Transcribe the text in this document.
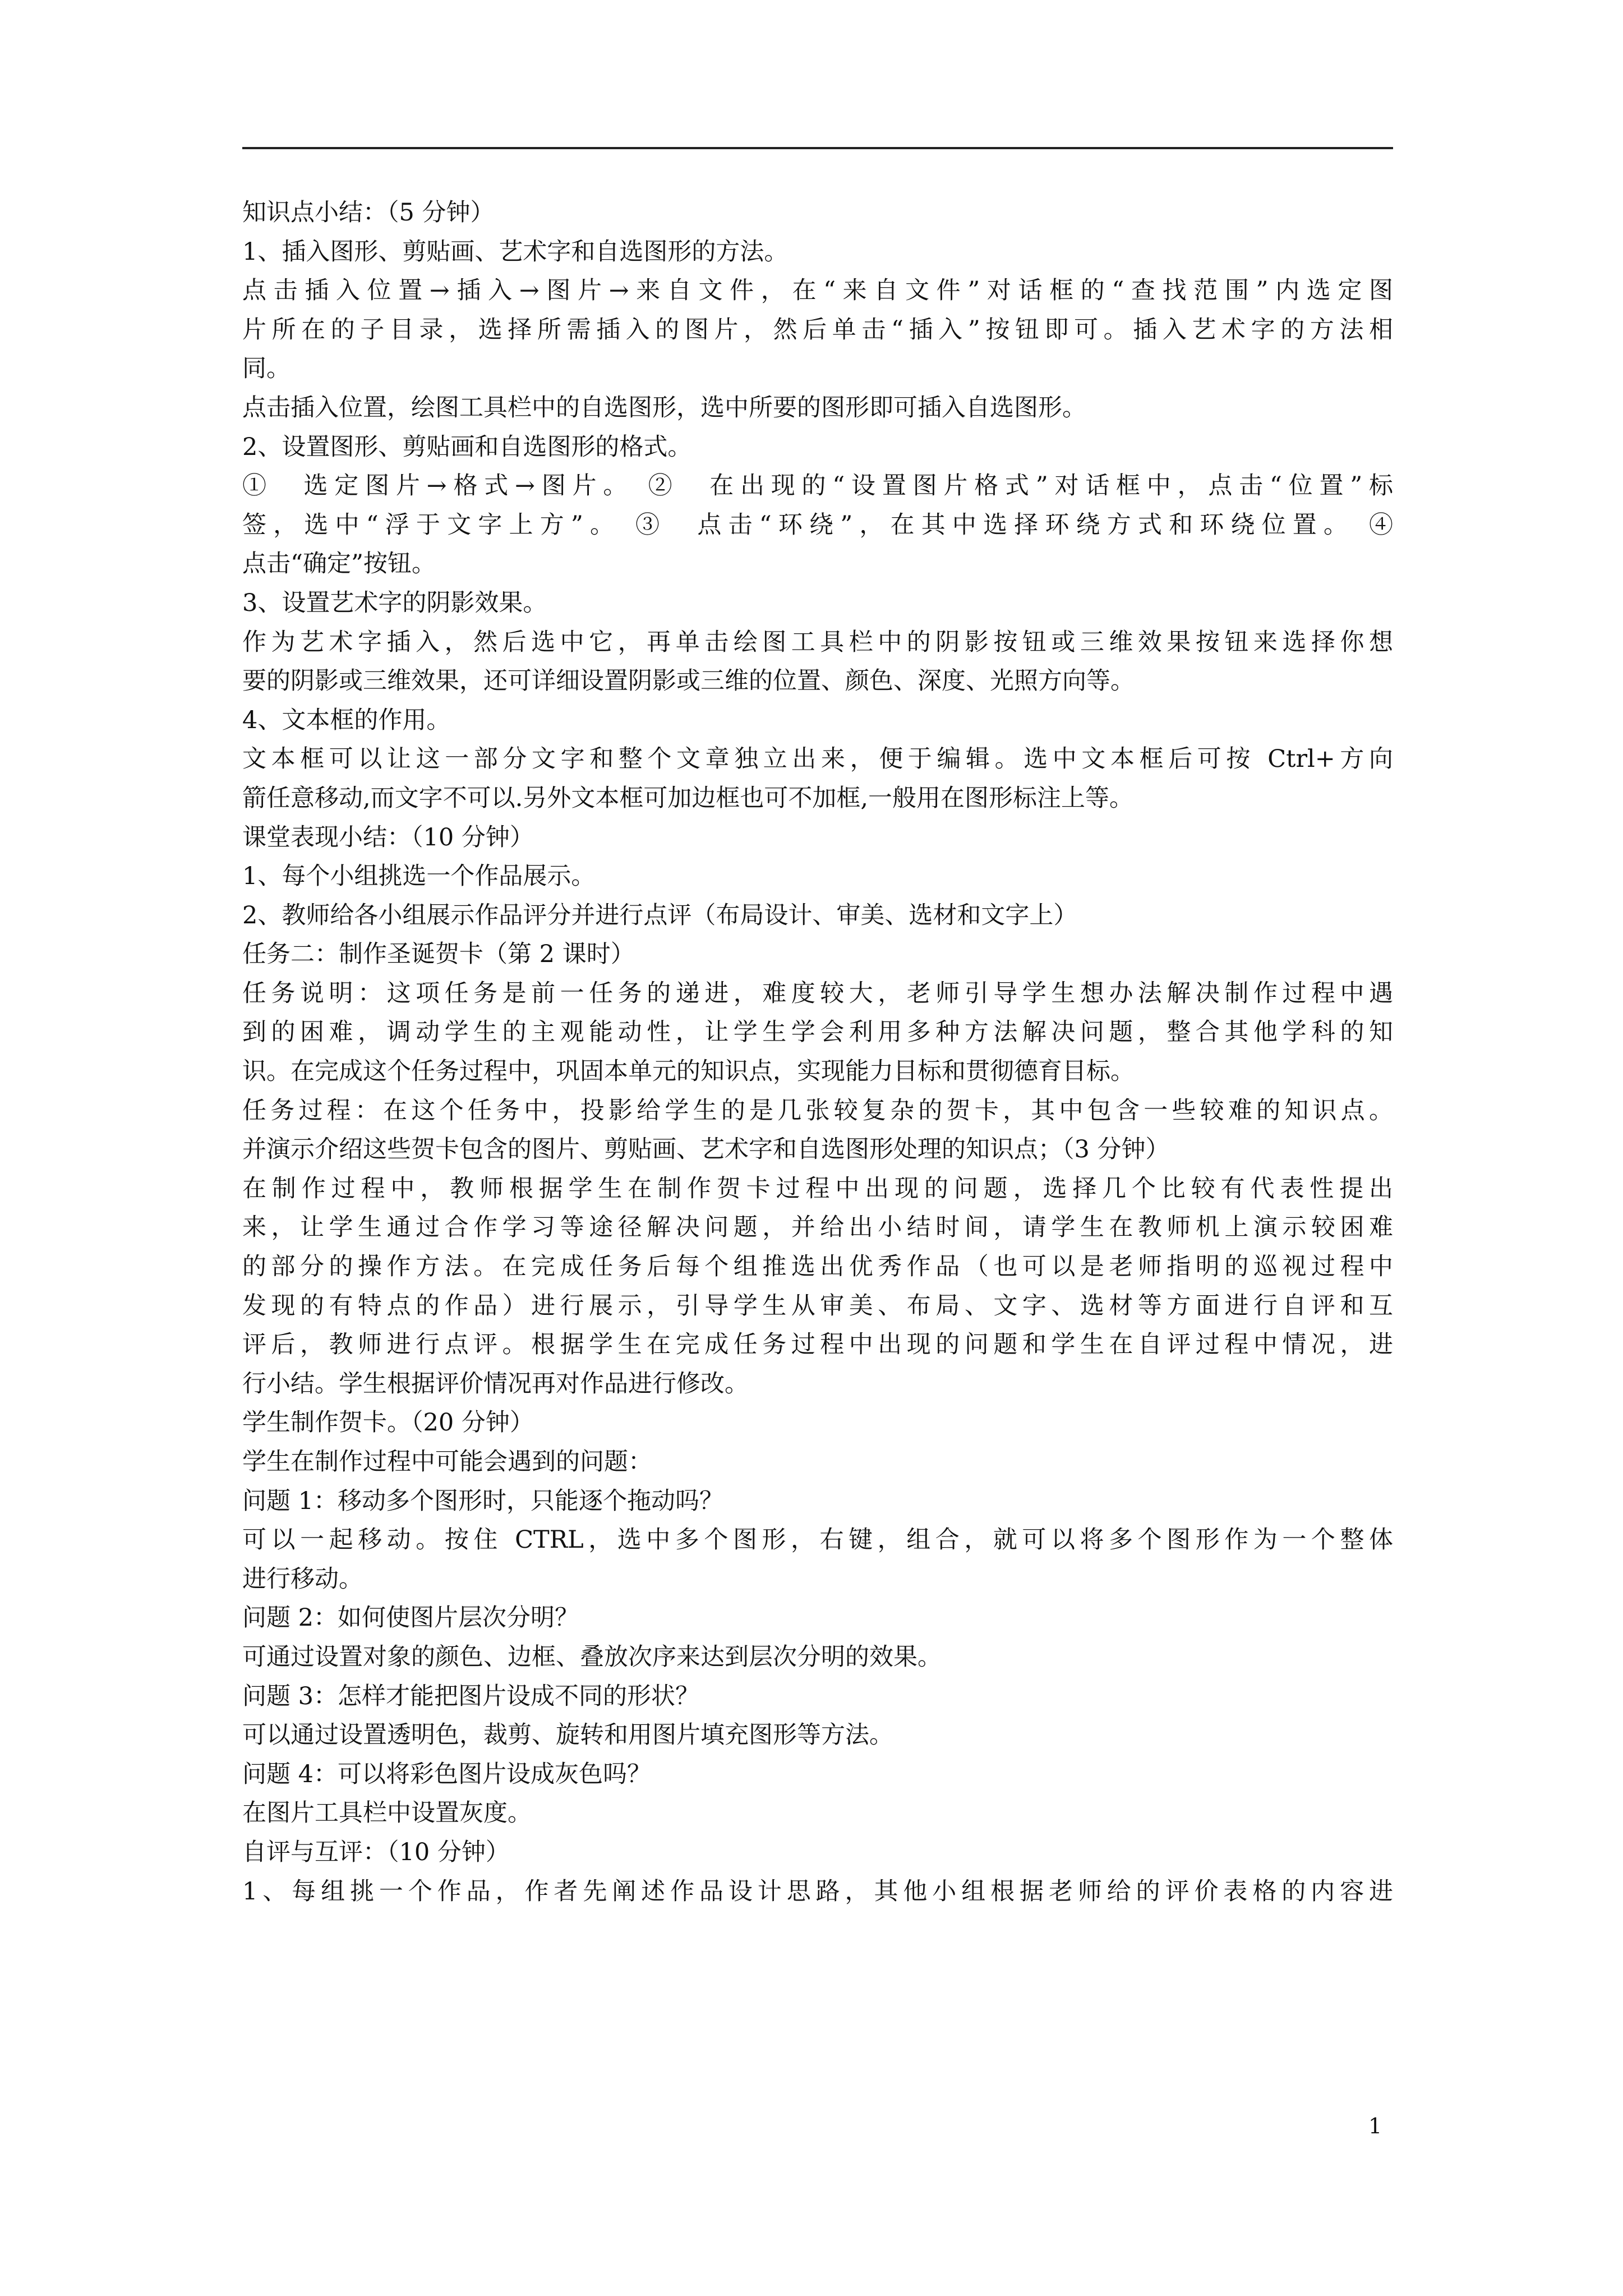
知识点小结：（5 分钟）
1、插入图形、剪贴画、艺术字和自选图形的方法。
点击插入位置→插入→图片→来自文件，在“来自文件”对话框的“查找范围”内选定图
片所在的子目录，选择所需插入的图片，然后单击“插入”按钮即可。插入艺术字的方法相
同。
点击插入位置，绘图工具栏中的自选图形，选中所要的图形即可插入自选图形。
2、设置图形、剪贴画和自选图形的格式。
①　选定图片→格式→图片。 ②　在出现的“设置图片格式”对话框中，点击“位置”标
签，选中“浮于文字上方”。 ③　点击“环绕”，在其中选择环绕方式和环绕位置。 ④
点击“确定”按钮。
3、设置艺术字的阴影效果。
作为艺术字插入，然后选中它，再单击绘图工具栏中的阴影按钮或三维效果按钮来选择你想
要的阴影或三维效果，还可详细设置阴影或三维的位置、颜色、深度、光照方向等。
4、文本框的作用。
文本框可以让这一部分文字和整个文章独立出来，便于编辑。选中文本框后可按 Ctrl+方向
箭任意移动,而文字不可以.另外文本框可加边框也可不加框,一般用在图形标注上等。
课堂表现小结：（10 分钟）
1、每个小组挑选一个作品展示。
2、教师给各小组展示作品评分并进行点评（布局设计、审美、选材和文字上）
任务二：制作圣诞贺卡（第 2 课时）
任务说明：这项任务是前一任务的递进，难度较大，老师引导学生想办法解决制作过程中遇
到的困难，调动学生的主观能动性，让学生学会利用多种方法解决问题，整合其他学科的知
识。在完成这个任务过程中，巩固本单元的知识点，实现能力目标和贯彻德育目标。
任务过程：在这个任务中，投影给学生的是几张较复杂的贺卡，其中包含一些较难的知识点。
并演示介绍这些贺卡包含的图片、剪贴画、艺术字和自选图形处理的知识点；（3 分钟）
在制作过程中，教师根据学生在制作贺卡过程中出现的问题，选择几个比较有代表性提出
来，让学生通过合作学习等途径解决问题，并给出小结时间，请学生在教师机上演示较困难
的部分的操作方法。在完成任务后每个组推选出优秀作品（也可以是老师指明的巡视过程中
发现的有特点的作品）进行展示，引导学生从审美、布局、文字、选材等方面进行自评和互
评后，教师进行点评。根据学生在完成任务过程中出现的问题和学生在自评过程中情况，进
行小结。学生根据评价情况再对作品进行修改。
学生制作贺卡。（20 分钟）
学生在制作过程中可能会遇到的问题：
问题 1：移动多个图形时，只能逐个拖动吗？
可以一起移动。按住 CTRL，选中多个图形，右键，组合，就可以将多个图形作为一个整体
进行移动。
问题 2：如何使图片层次分明？
可通过设置对象的颜色、边框、叠放次序来达到层次分明的效果。
问题 3：怎样才能把图片设成不同的形状？
可以通过设置透明色，裁剪、旋转和用图片填充图形等方法。
问题 4：可以将彩色图片设成灰色吗？
在图片工具栏中设置灰度。
自评与互评：（10 分钟）
1、每组挑一个作品，作者先阐述作品设计思路，其他小组根据老师给的评价表格的内容进
1
